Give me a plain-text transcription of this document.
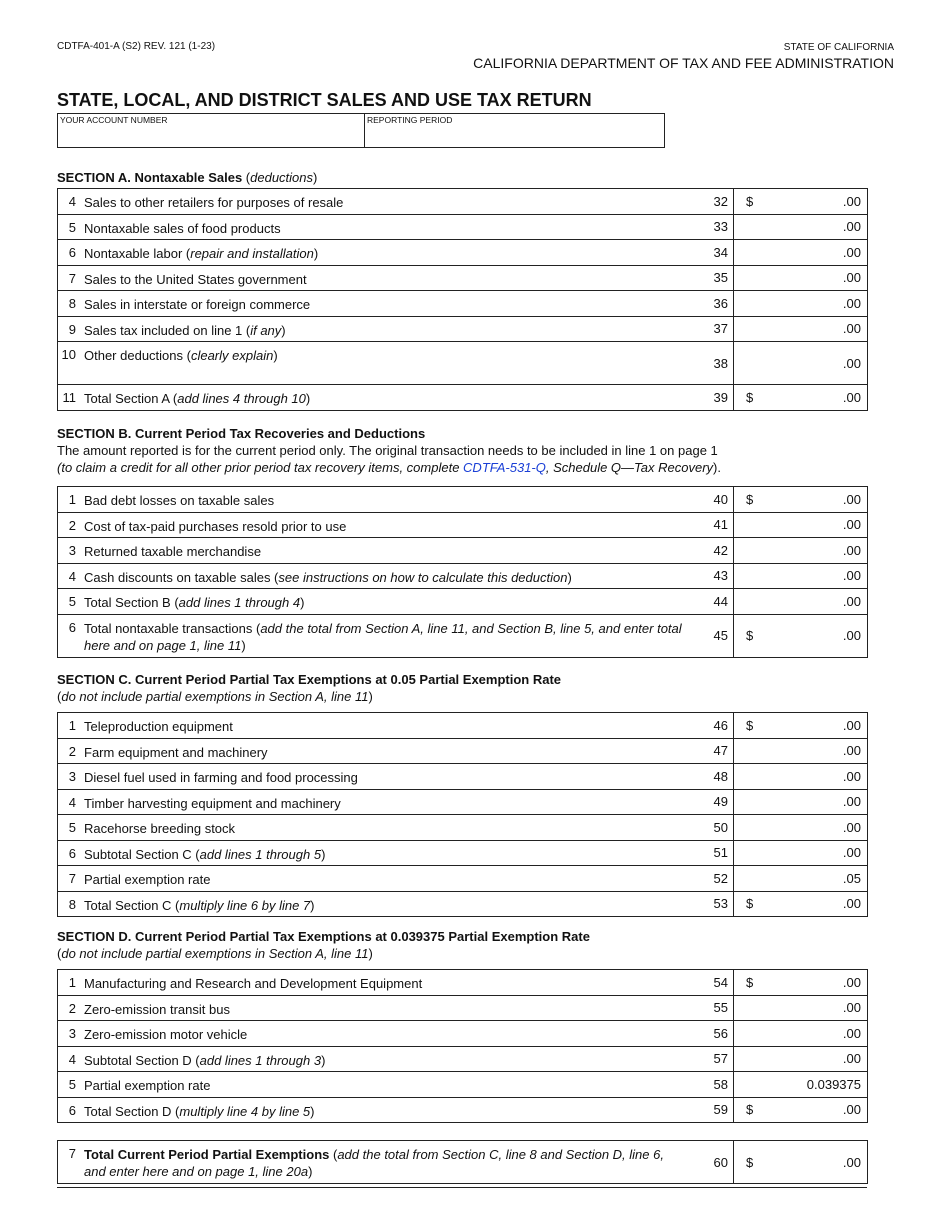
CDTFA-401-A (S2) REV. 121 (1-23)	STATE OF CALIFORNIA
CALIFORNIA DEPARTMENT OF TAX AND FEE ADMINISTRATION
STATE, LOCAL, AND DISTRICT SALES AND USE TAX RETURN
YOUR ACCOUNT NUMBER	REPORTING PERIOD
SECTION A. Nontaxable Sales (deductions)
4 Sales to other retailers for purposes of resale	32	$	.00
5 Nontaxable sales of food products	33	.00
6 Nontaxable labor (repair and installation)	34	.00
7 Sales to the United States government	35	.00
8 Sales in interstate or foreign commerce	36	.00
9 Sales tax included on line 1 (if any)	37	.00
10 Other deductions (clearly explain)	38	.00
11 Total Section A (add lines 4 through 10)	39	$	.00
SECTION B. Current Period Tax Recoveries and Deductions
The amount reported is for the current period only. The original transaction needs to be included in line 1 on page 1
(to claim a credit for all other prior period tax recovery items, complete CDTFA-531-Q, Schedule Q—Tax Recovery).
1 Bad debt losses on taxable sales	40	$	.00
2 Cost of tax-paid purchases resold prior to use	41	.00
3 Returned taxable merchandise	42	.00
4 Cash discounts on taxable sales (see instructions on how to calculate this deduction)	43	.00
5 Total Section B (add lines 1 through 4)	44	.00
6 Total nontaxable transactions (add the total from Section A, line 11, and Section B, line 5, and enter total here and on page 1, line 11)
45	$	.00
SECTION C. Current Period Partial Tax Exemptions at 0.05 Partial Exemption Rate
(do not include partial exemptions in Section A, line 11)
1 Teleproduction equipment	46	$	.00
2 Farm equipment and machinery	47	.00
3 Diesel fuel used in farming and food processing	48	.00
4 Timber harvesting equipment and machinery	49	.00
5 Racehorse breeding stock	50	.00
6 Subtotal Section C (add lines 1 through 5)	51	.00
7 Partial exemption rate	52	.05
8 Total Section C (multiply line 6 by line 7)	53	$	.00
SECTION D. Current Period Partial Tax Exemptions at 0.039375 Partial Exemption Rate
(do not include partial exemptions in Section A, line 11)
1 Manufacturing and Research and Development Equipment	54	$	.00
2 Zero-emission transit bus	55	.00
3 Zero-emission motor vehicle	56	.00
4 Subtotal Section D (add lines 1 through 3)	57	.00
5 Partial exemption rate	58	0.039375
6 Total Section D (multiply line 4 by line 5)	59	$	.00
7 Total Current Period Partial Exemptions (add the total from Section C, line 8 and Section D, line 6, and enter here and on page 1, line 20a)
60	$	.00
